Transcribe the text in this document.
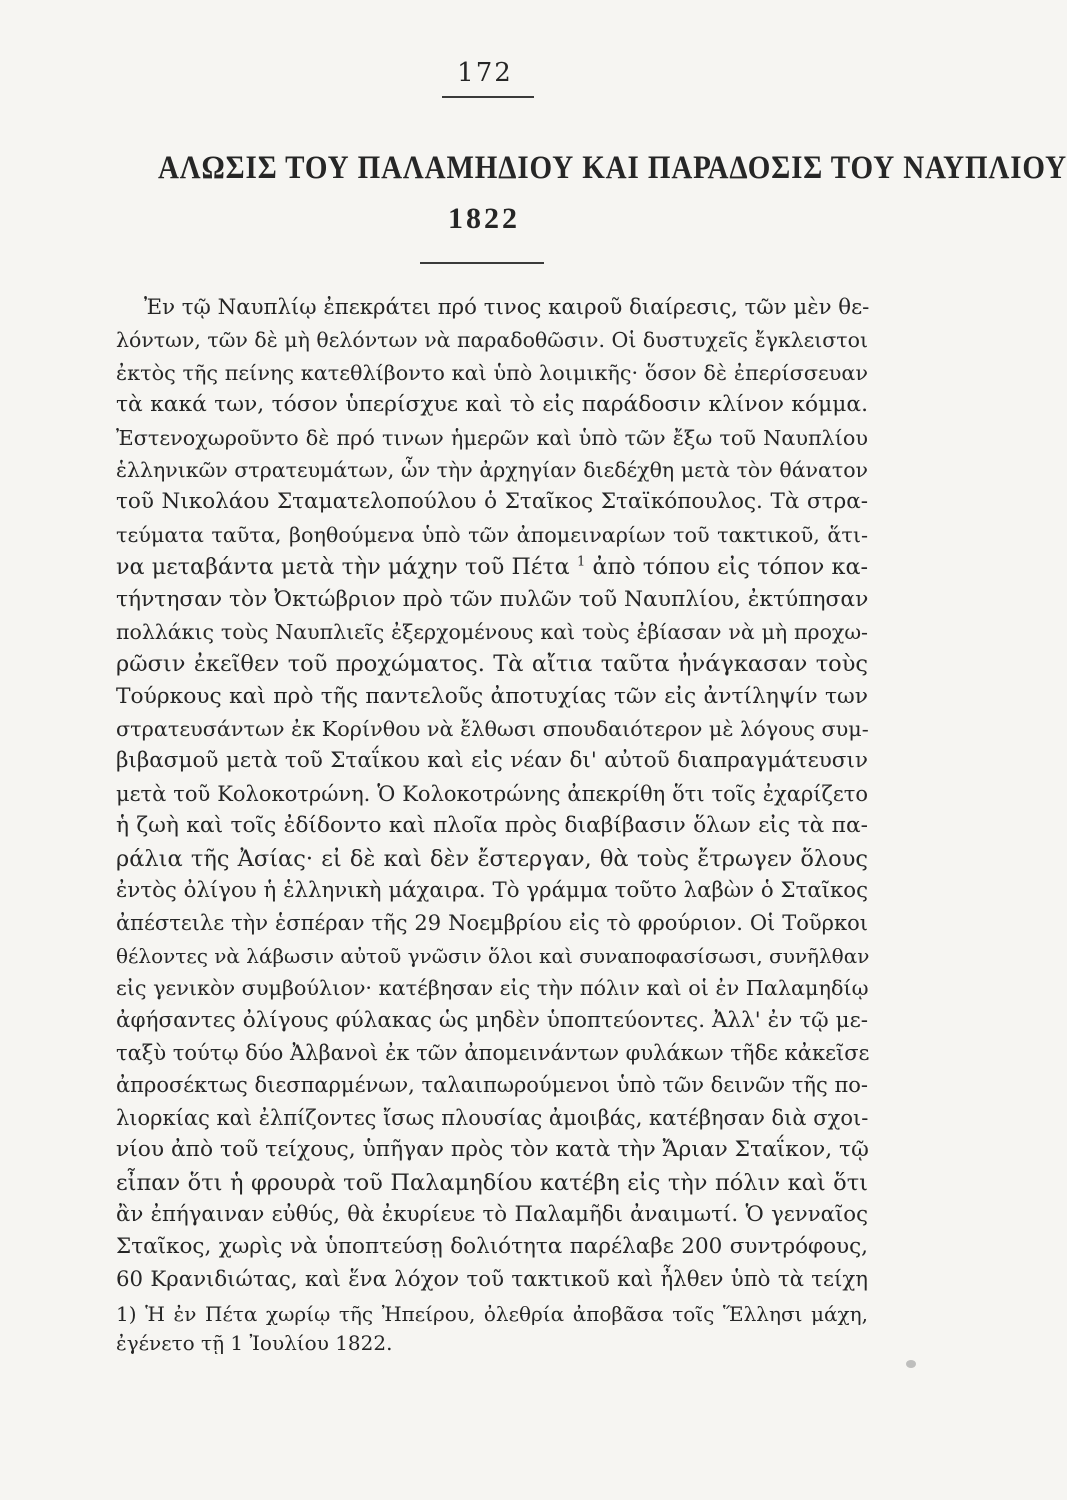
172
ΑΛΩΣΙΣ ΤΟΥ ΠΑΛΑΜΗΔΙΟΥ ΚΑΙ ΠΑΡΑΔΟΣΙΣ ΤΟΥ ΝΑΥΠΛΙΟΥ
1822
Ἐν τῷ Ναυπλίῳ ἐπεκράτει πρό τινος καιροῦ διαίρεσις, τῶν μὲν θε-
λόντων, τῶν δὲ μὴ θελόντων νὰ παραδοθῶσιν. Οἱ δυστυχεῖς ἔγκλειστοι
ἐκτὸς τῆς πείνης κατεθλίβοντο καὶ ὑπὸ λοιμικῆς· ὅσον δὲ ἐπερίσσευαν
τὰ κακά των, τόσον ὑπερίσχυε καὶ τὸ εἰς παράδοσιν κλίνον κόμμα.
Ἐστενοχωροῦντο δὲ πρό τινων ἡμερῶν καὶ ὑπὸ τῶν ἔξω τοῦ Ναυπλίου
ἑλληνικῶν στρατευμάτων, ὧν τὴν ἀρχηγίαν διεδέχθη μετὰ τὸν θάνατον
τοῦ Νικολάου Σταματελοπούλου ὁ Σταῖκος Σταϊκόπουλος. Τὰ στρα-
τεύματα ταῦτα, βοηθούμενα ὑπὸ τῶν ἀπομειναρίων τοῦ τακτικοῦ, ἅτι-
να μεταβάντα μετὰ τὴν μάχην τοῦ Πέτα $^1$ ἀπὸ τόπου εἰς τόπον κα-
τήντησαν τὸν Ὀκτώβριον πρὸ τῶν πυλῶν τοῦ Ναυπλίου, ἐκτύπησαν
πολλάκις τοὺς Ναυπλιεῖς ἐξερχομένους καὶ τοὺς ἐβίασαν νὰ μὴ προχω-
ρῶσιν ἐκεῖθεν τοῦ προχώματος. Τὰ αἴτια ταῦτα ἠνάγκασαν τοὺς
Τούρκους καὶ πρὸ τῆς παντελοῦς ἀποτυχίας τῶν εἰς ἀντίληψίν των
στρατευσάντων ἐκ Κορίνθου νὰ ἔλθωσι σπουδαιότερον μὲ λόγους συμ-
βιβασμοῦ μετὰ τοῦ Σταΐκου καὶ εἰς νέαν δι' αὐτοῦ διαπραγμάτευσιν
μετὰ τοῦ Κολοκοτρώνη. Ὁ Κολοκοτρώνης ἀπεκρίθη ὅτι τοῖς ἐχαρίζετο
ἡ ζωὴ καὶ τοῖς ἐδίδοντο καὶ πλοῖα πρὸς διαβίβασιν ὅλων εἰς τὰ πα-
ράλια τῆς Ἀσίας· εἰ δὲ καὶ δὲν ἔστεργαν, θὰ τοὺς ἔτρωγεν ὅλους
ἐντὸς ὀλίγου ἡ ἑλληνικὴ μάχαιρα. Τὸ γράμμα τοῦτο λαβὼν ὁ Σταῖκος
ἀπέστειλε τὴν ἑσπέραν τῆς 29 Νοεμβρίου εἰς τὸ φρούριον. Οἱ Τοῦρκοι
θέλοντες νὰ λάβωσιν αὐτοῦ γνῶσιν ὅλοι καὶ συναποφασίσωσι, συνῆλθαν
εἰς γενικὸν συμβούλιον· κατέβησαν εἰς τὴν πόλιν καὶ οἱ ἐν Παλαμηδίῳ
ἀφήσαντες ὀλίγους φύλακας ὡς μηδὲν ὑποπτεύοντες. Ἀλλ' ἐν τῷ με-
ταξὺ τούτῳ δύο Ἀλβανοὶ ἐκ τῶν ἀπομεινάντων φυλάκων τῆδε κἀκεῖσε
ἀπροσέκτως διεσπαρμένων, ταλαιπωρούμενοι ὑπὸ τῶν δεινῶν τῆς πο-
λιορκίας καὶ ἐλπίζοντες ἴσως πλουσίας ἀμοιβάς, κατέβησαν διὰ σχοι-
νίου ἀπὸ τοῦ τείχους, ὑπῆγαν πρὸς τὸν κατὰ τὴν Ἄριαν Σταΐκον, τῷ
εἶπαν ὅτι ἡ φρουρὰ τοῦ Παλαμηδίου κατέβη εἰς τὴν πόλιν καὶ ὅτι
ἂν ἐπήγαιναν εὐθύς, θὰ ἐκυρίευε τὸ Παλαμῆδι ἀναιμωτί. Ὁ γενναῖος
Σταῖκος, χωρὶς νὰ ὑποπτεύσῃ δολιότητα παρέλαβε 200 συντρόφους,
60 Κρανιδιώτας, καὶ ἕνα λόχον τοῦ τακτικοῦ καὶ ἦλθεν ὑπὸ τὰ τείχη
1) Ἡ ἐν Πέτα χωρίῳ τῆς Ἠπείρου, ὀλεθρία ἀποβᾶσα τοῖς Ἕλλησι μάχη,
ἐγένετο τῇ 1 Ἰουλίου 1822.
